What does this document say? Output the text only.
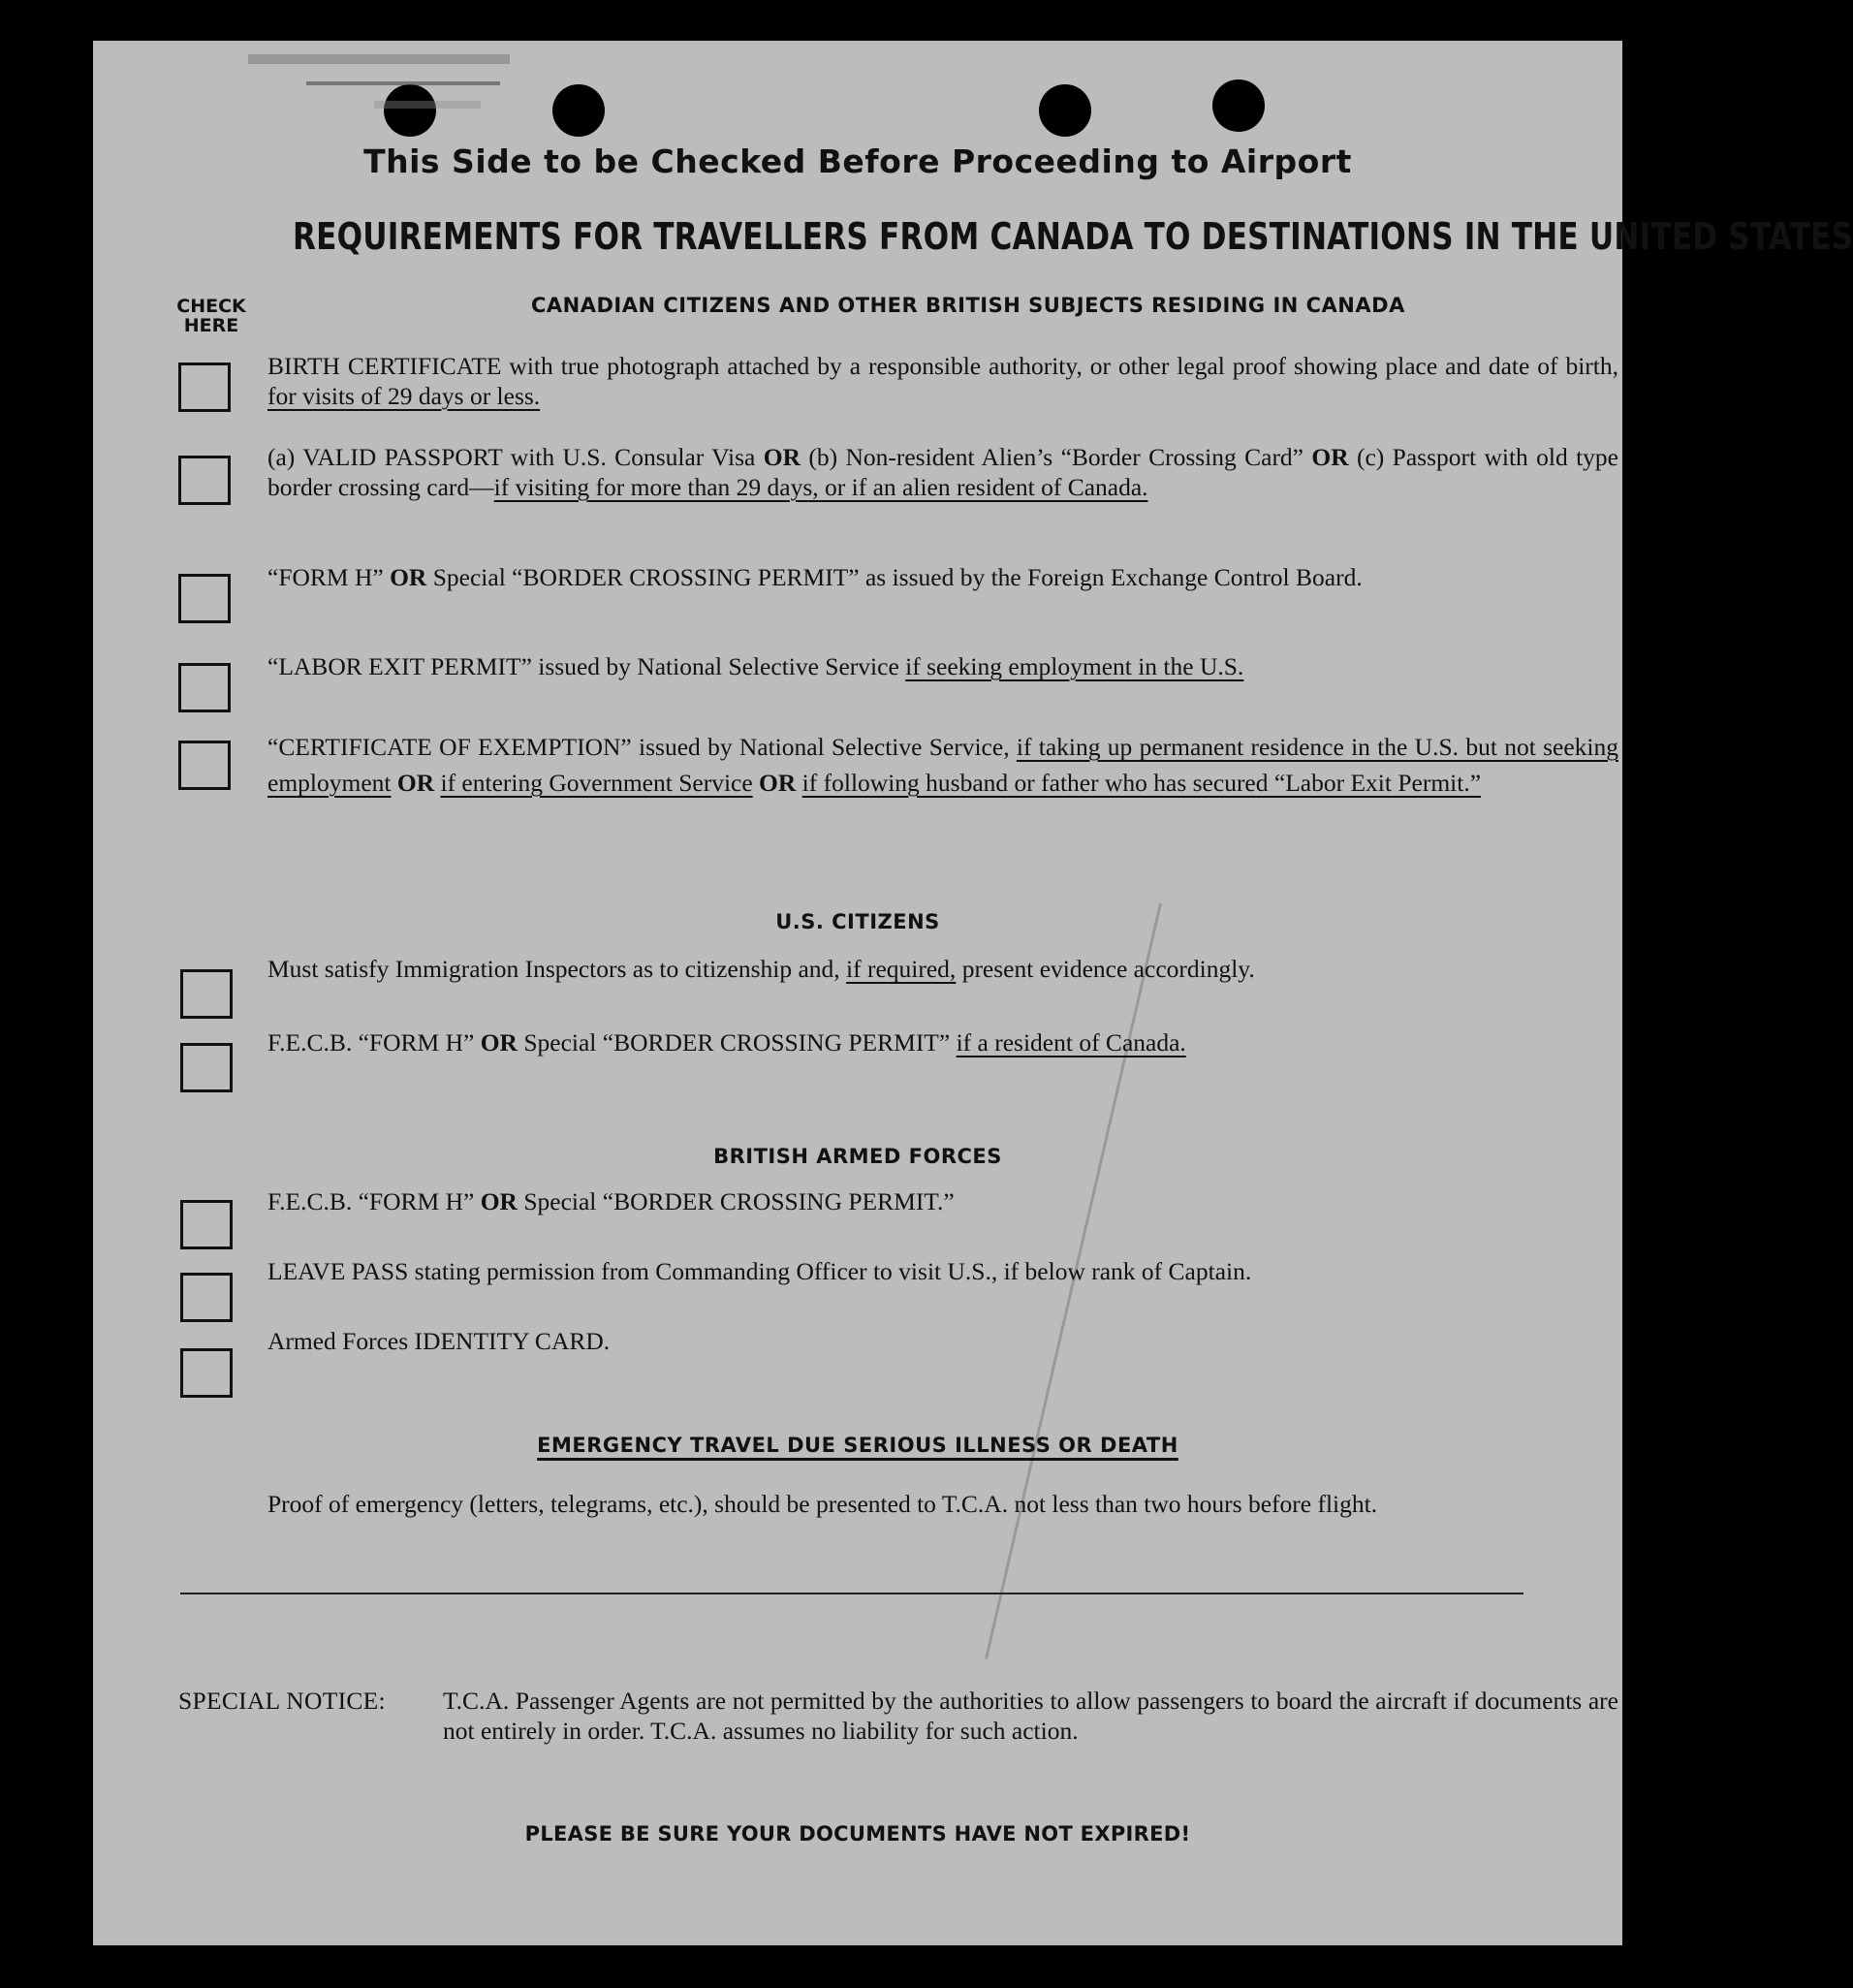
This Side to be Checked Before Proceeding to Airport
REQUIREMENTS FOR TRAVELLERS FROM CANADA TO DESTINATIONS IN THE UNITED STATES
CHECK
HERE
CANADIAN CITIZENS AND OTHER BRITISH SUBJECTS RESIDING IN CANADA
BIRTH CERTIFICATE with true photograph attached by a responsible authority, or other legal proof showing place and date of birth, for visits of 29 days or less.
(a) VALID PASSPORT with U.S. Consular Visa OR (b) Non-resident Alien’s “Border Crossing Card” OR (c) Passport with old type border crossing card—if visiting for more than 29 days, or if an alien resident of Canada.
“FORM H” OR Special “BORDER CROSSING PERMIT” as issued by the Foreign Exchange Control Board.
“LABOR EXIT PERMIT” issued by National Selective Service if seeking employment in the U.S.
“CERTIFICATE OF EXEMPTION” issued by National Selective Service, if taking up permanent residence in the U.S. but not seeking employment OR if entering Government Service OR if following husband or father who has secured “Labor Exit Permit.”
U.S. CITIZENS
Must satisfy Immigration Inspectors as to citizenship and, if required, present evidence accordingly.
F.E.C.B. “FORM H” OR Special “BORDER CROSSING PERMIT” if a resident of Canada.
BRITISH ARMED FORCES
F.E.C.B. “FORM H” OR Special “BORDER CROSSING PERMIT.”
LEAVE PASS stating permission from Commanding Officer to visit U.S., if below rank of Captain.
Armed Forces IDENTITY CARD.
EMERGENCY TRAVEL DUE SERIOUS ILLNESS OR DEATH
Proof of emergency (letters, telegrams, etc.), should be presented to T.C.A. not less than two hours before flight.
SPECIAL NOTICE: T.C.A. Passenger Agents are not permitted by the authorities to allow passengers to board the aircraft if documents are not entirely in order. T.C.A. assumes no liability for such action.
PLEASE BE SURE YOUR DOCUMENTS HAVE NOT EXPIRED!
